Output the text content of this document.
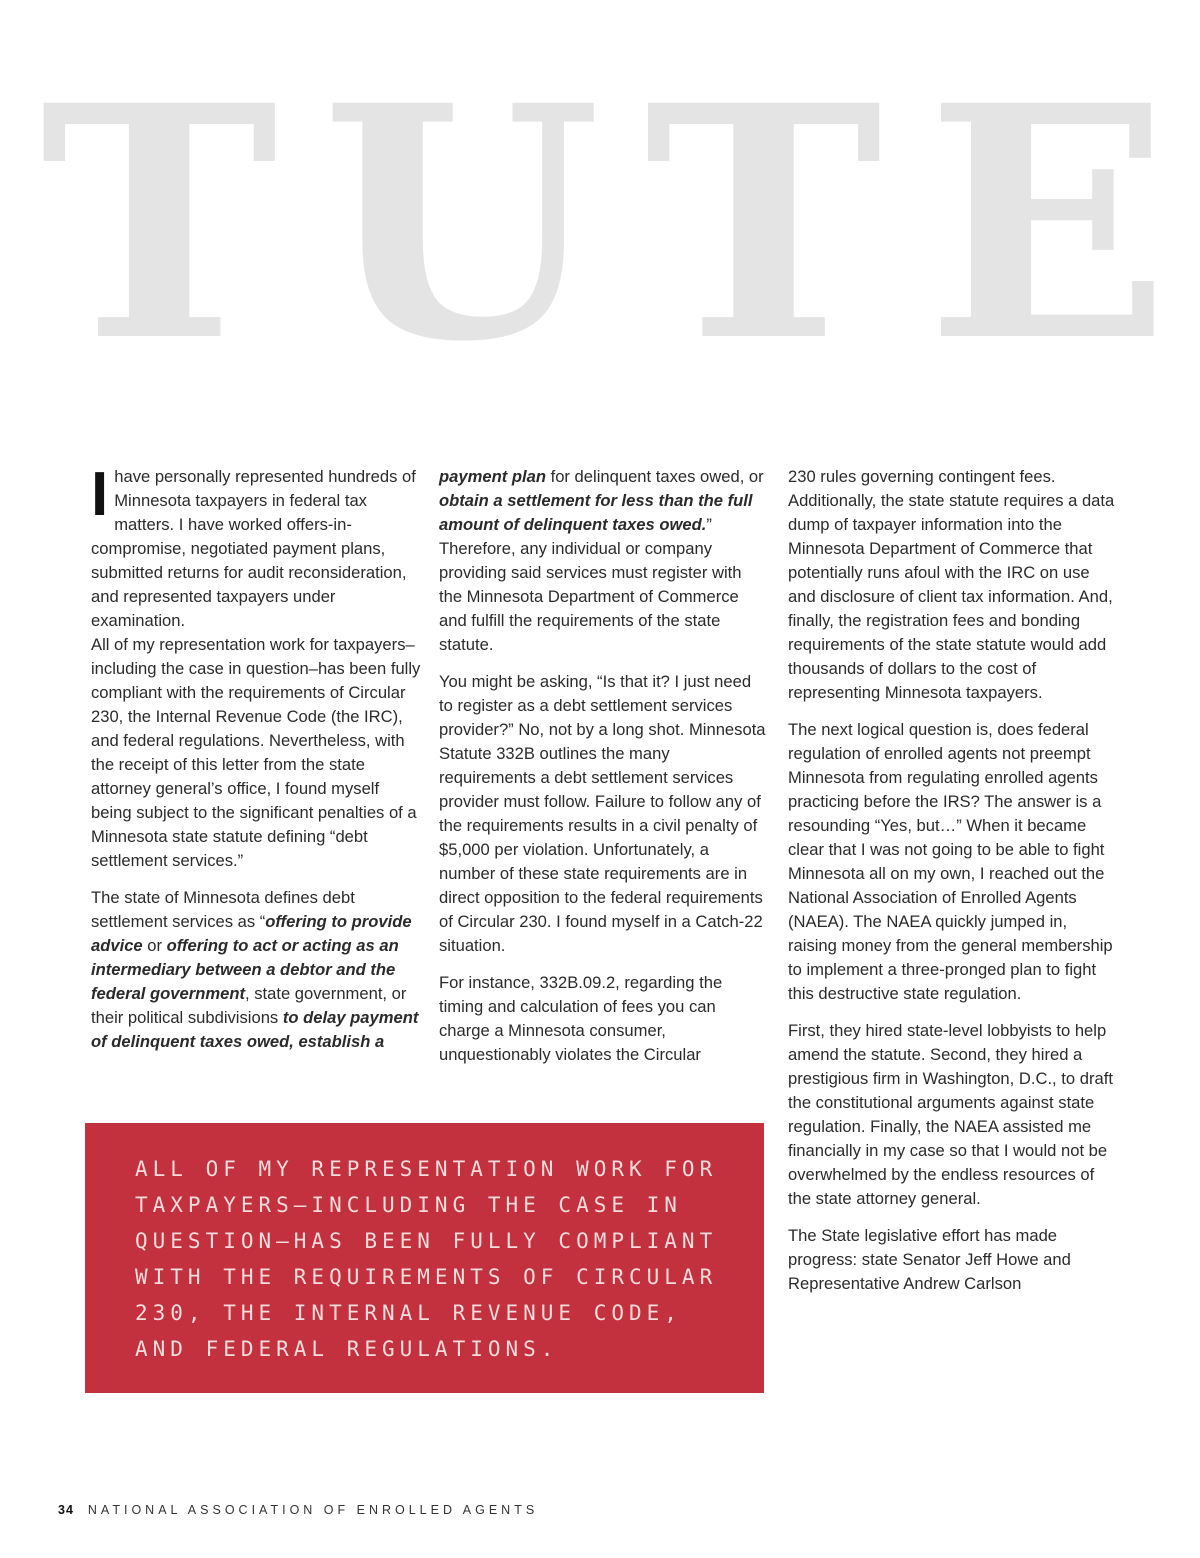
T U T E

Ihave personally represented hundreds of Minnesota taxpayers in federal tax matters. I have worked offers-in-compromise, negotiated payment plans, submitted returns for audit reconsideration, and represented taxpayers under examination.
All of my representation work for taxpayers–including the case in question–has been fully compliant with the requirements of Circular 230, the Internal Revenue Code (the IRC), and federal regulations. Nevertheless, with the receipt of this letter from the state attorney general’s office, I found myself being subject to the significant penalties of a Minnesota state statute defining “debt settlement services.”

The state of Minnesota defines debt settlement services as “offering to provide advice or offering to act or acting as an intermediary between a debtor and the federal government, state government, or their political subdivisions to delay payment of delinquent taxes owed, establish a

payment plan for delinquent taxes owed, or obtain a settlement for less than the full amount of delinquent taxes owed.” Therefore, any individual or company providing said services must register with the Minnesota Department of Commerce and fulfill the requirements of the state statute.

You might be asking, “Is that it? I just need to register as a debt settlement services provider?” No, not by a long shot. Minnesota Statute 332B outlines the many requirements a debt settlement services provider must follow. Failure to follow any of the requirements results in a civil penalty of $5,000 per violation. Unfortunately, a number of these state requirements are in direct opposition to the federal requirements of Circular 230. I found myself in a Catch-22 situation.

For instance, 332B.09.2, regarding the timing and calculation of fees you can charge a Minnesota consumer, unquestionably violates the Circular

230 rules governing contingent fees. Additionally, the state statute requires a data dump of taxpayer information into the Minnesota Department of Commerce that potentially runs afoul with the IRC on use and disclosure of client tax information. And, finally, the registration fees and bonding requirements of the state statute would add thousands of dollars to the cost of representing Minnesota taxpayers.

The next logical question is, does federal regulation of enrolled agents not preempt Minnesota from regulating enrolled agents practicing before the IRS? The answer is a resounding “Yes, but…” When it became clear that I was not going to be able to fight Minnesota all on my own, I reached out the National Association of Enrolled Agents (NAEA). The NAEA quickly jumped in, raising money from the general membership to implement a three-pronged plan to fight this destructive state regulation.

First, they hired state-level lobbyists to help amend the statute. Second, they hired a prestigious firm in Washington, D.C., to draft the constitutional arguments against state regulation. Finally, the NAEA assisted me financially in my case so that I would not be overwhelmed by the endless resources of the state attorney general.

The State legislative effort has made progress: state Senator Jeff Howe and Representative Andrew Carlson

ALL OF MY REPRESENTATION WORK FOR TAXPAYERS–INCLUDING THE CASE IN QUESTION–HAS BEEN FULLY COMPLIANT WITH THE REQUIREMENTS OF CIRCULAR 230, THE INTERNAL REVENUE CODE, AND FEDERAL REGULATIONS.

34 NATIONAL ASSOCIATION OF ENROLLED AGENTS
